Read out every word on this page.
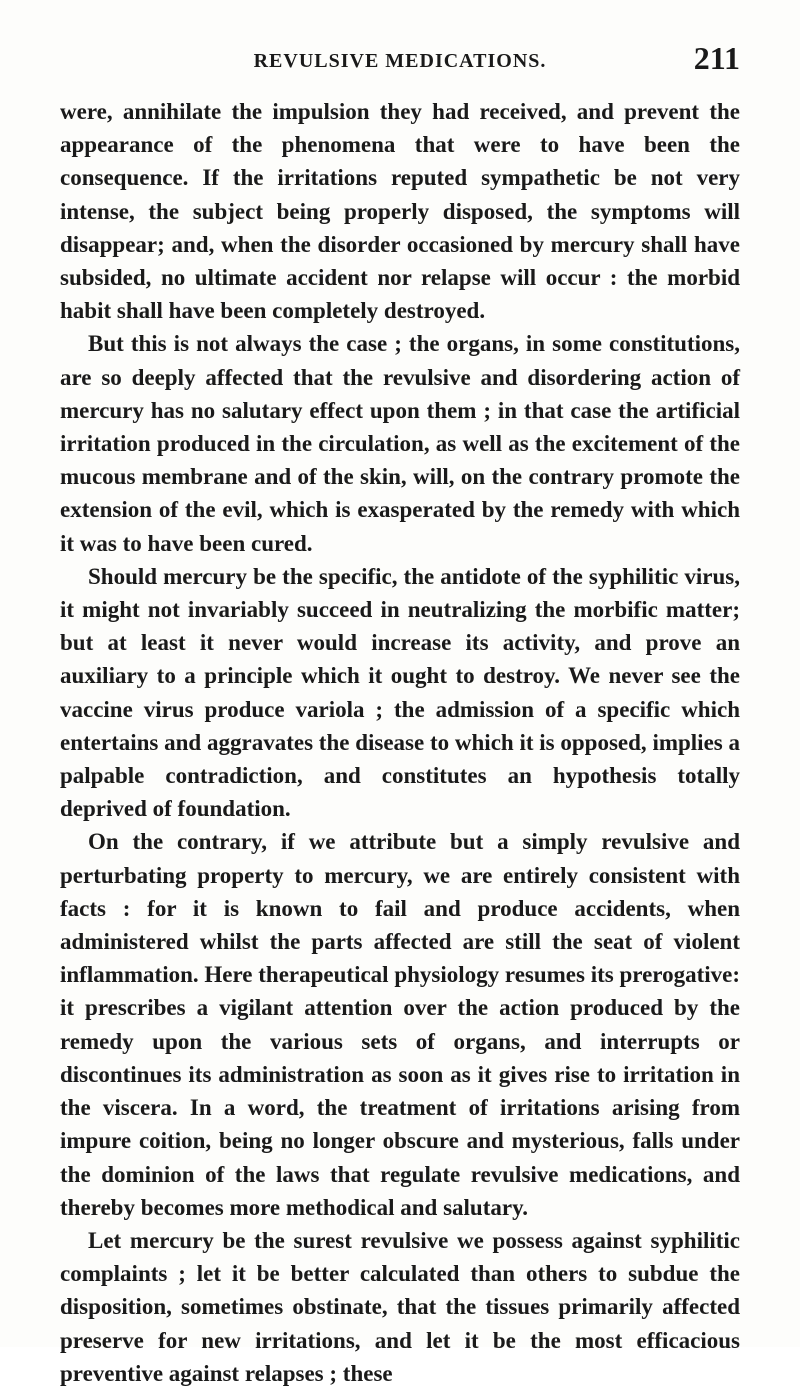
REVULSIVE MEDICATIONS.	211

were, annihilate the impulsion they had received, and prevent the appearance of the phenomena that were to have been the consequence. If the irritations reputed sympathetic be not very intense, the subject being properly disposed, the symptoms will disappear; and, when the disorder occasioned by mercury shall have subsided, no ultimate accident nor relapse will occur : the morbid habit shall have been completely destroyed.

But this is not always the case ; the organs, in some constitutions, are so deeply affected that the revulsive and disordering action of mercury has no salutary effect upon them ; in that case the artificial irritation produced in the circulation, as well as the excitement of the mucous membrane and of the skin, will, on the contrary promote the extension of the evil, which is exasperated by the remedy with which it was to have been cured.

Should mercury be the specific, the antidote of the syphilitic virus, it might not invariably succeed in neutralizing the morbific matter; but at least it never would increase its activity, and prove an auxiliary to a principle which it ought to destroy. We never see the vaccine virus produce variola ; the admission of a specific which entertains and aggravates the disease to which it is opposed, implies a palpable contradiction, and constitutes an hypothesis totally deprived of foundation.

On the contrary, if we attribute but a simply revulsive and perturbating property to mercury, we are entirely consistent with facts : for it is known to fail and produce accidents, when administered whilst the parts affected are still the seat of violent inflammation. Here therapeutical physiology resumes its prerogative: it prescribes a vigilant attention over the action produced by the remedy upon the various sets of organs, and interrupts or discontinues its administration as soon as it gives rise to irritation in the viscera. In a word, the treatment of irritations arising from impure coition, being no longer obscure and mysterious, falls under the dominion of the laws that regulate revulsive medications, and thereby becomes more methodical and salutary.

Let mercury be the surest revulsive we possess against syphilitic complaints ; let it be better calculated than others to subdue the disposition, sometimes obstinate, that the tissues primarily affected preserve for new irritations, and let it be the most efficacious preventive against relapses ; these
